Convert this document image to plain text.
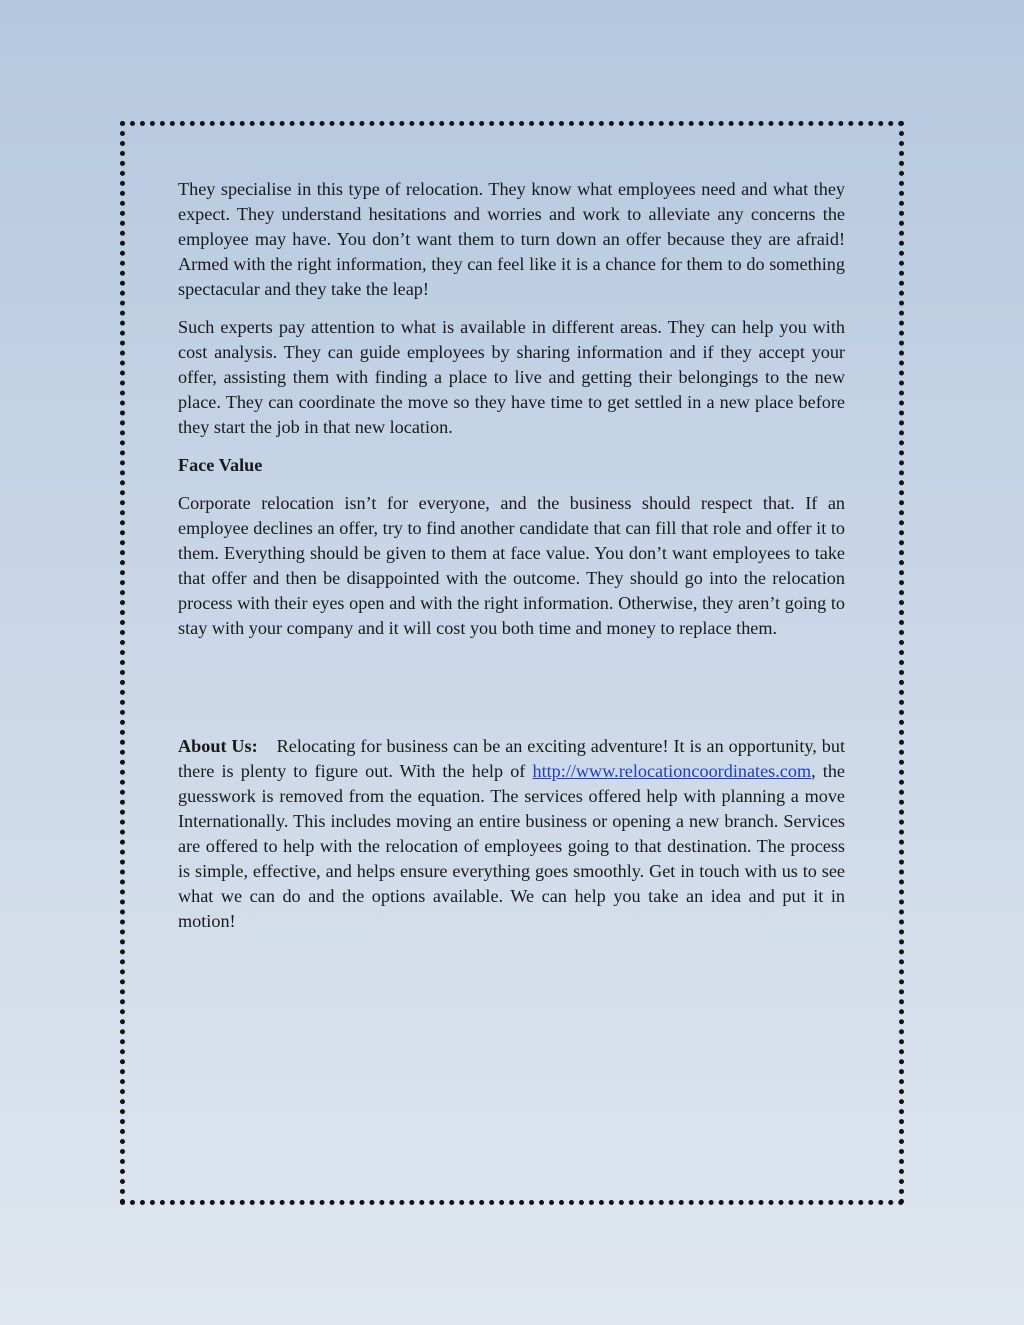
They specialise in this type of relocation. They know what employees need and what they expect. They understand hesitations and worries and work to alleviate any concerns the employee may have. You don’t want them to turn down an offer because they are afraid! Armed with the right information, they can feel like it is a chance for them to do something spectacular and they take the leap!

Such experts pay attention to what is available in different areas. They can help you with cost analysis. They can guide employees by sharing information and if they accept your offer, assisting them with finding a place to live and getting their belongings to the new place. They can coordinate the move so they have time to get settled in a new place before they start the job in that new location.

Face Value

Corporate relocation isn’t for everyone, and the business should respect that. If an employee declines an offer, try to find another candidate that can fill that role and offer it to them. Everything should be given to them at face value. You don’t want employees to take that offer and then be disappointed with the outcome. They should go into the relocation process with their eyes open and with the right information. Otherwise, they aren’t going to stay with your company and it will cost you both time and money to replace them.

About Us: Relocating for business can be an exciting adventure! It is an opportunity, but there is plenty to figure out. With the help of http://www.relocationcoordinates.com, the guesswork is removed from the equation. The services offered help with planning a move Internationally. This includes moving an entire business or opening a new branch. Services are offered to help with the relocation of employees going to that destination. The process is simple, effective, and helps ensure everything goes smoothly. Get in touch with us to see what we can do and the options available. We can help you take an idea and put it in motion!
